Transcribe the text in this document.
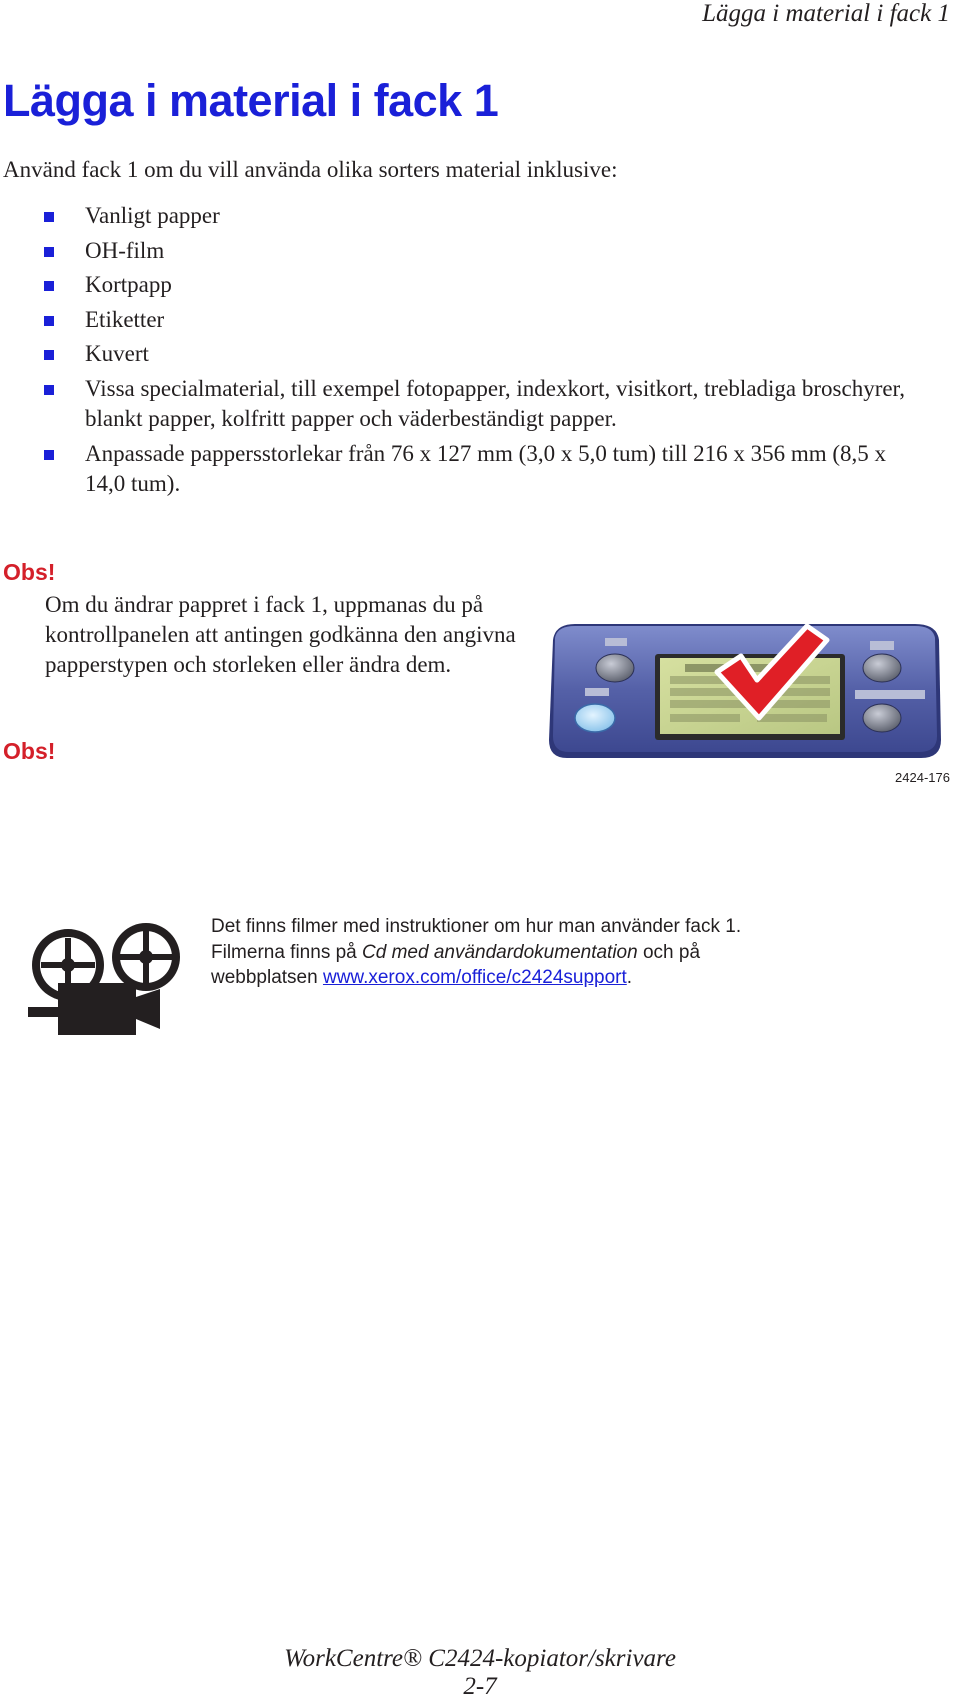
Lägga i material i fack 1
Lägga i material i fack 1
Använd fack 1 om du vill använda olika sorters material inklusive:
Vanligt papper
OH-film
Kortpapp
Etiketter
Kuvert
Vissa specialmaterial, till exempel fotopapper, indexkort, visitkort, trebladiga broschyrer, blankt papper, kolfritt papper och väderbeständigt papper.
Anpassade pappersstorlekar från 76 x 127 mm (3,0 x 5,0 tum) till 216 x 356 mm (8,5 x 14,0 tum).
Obs!
Om du ändrar pappret i fack 1, uppmanas du på kontrollpanelen att antingen godkänna den angivna papperstypen och storleken eller ändra dem.
Obs!
2424-176
Det finns filmer med instruktioner om hur man använder fack 1.
Filmerna finns på Cd med användardokumentation och på
webbplatsen www.xerox.com/office/c2424support.
WorkCentre® C2424-kopiator/skrivare
2-7
